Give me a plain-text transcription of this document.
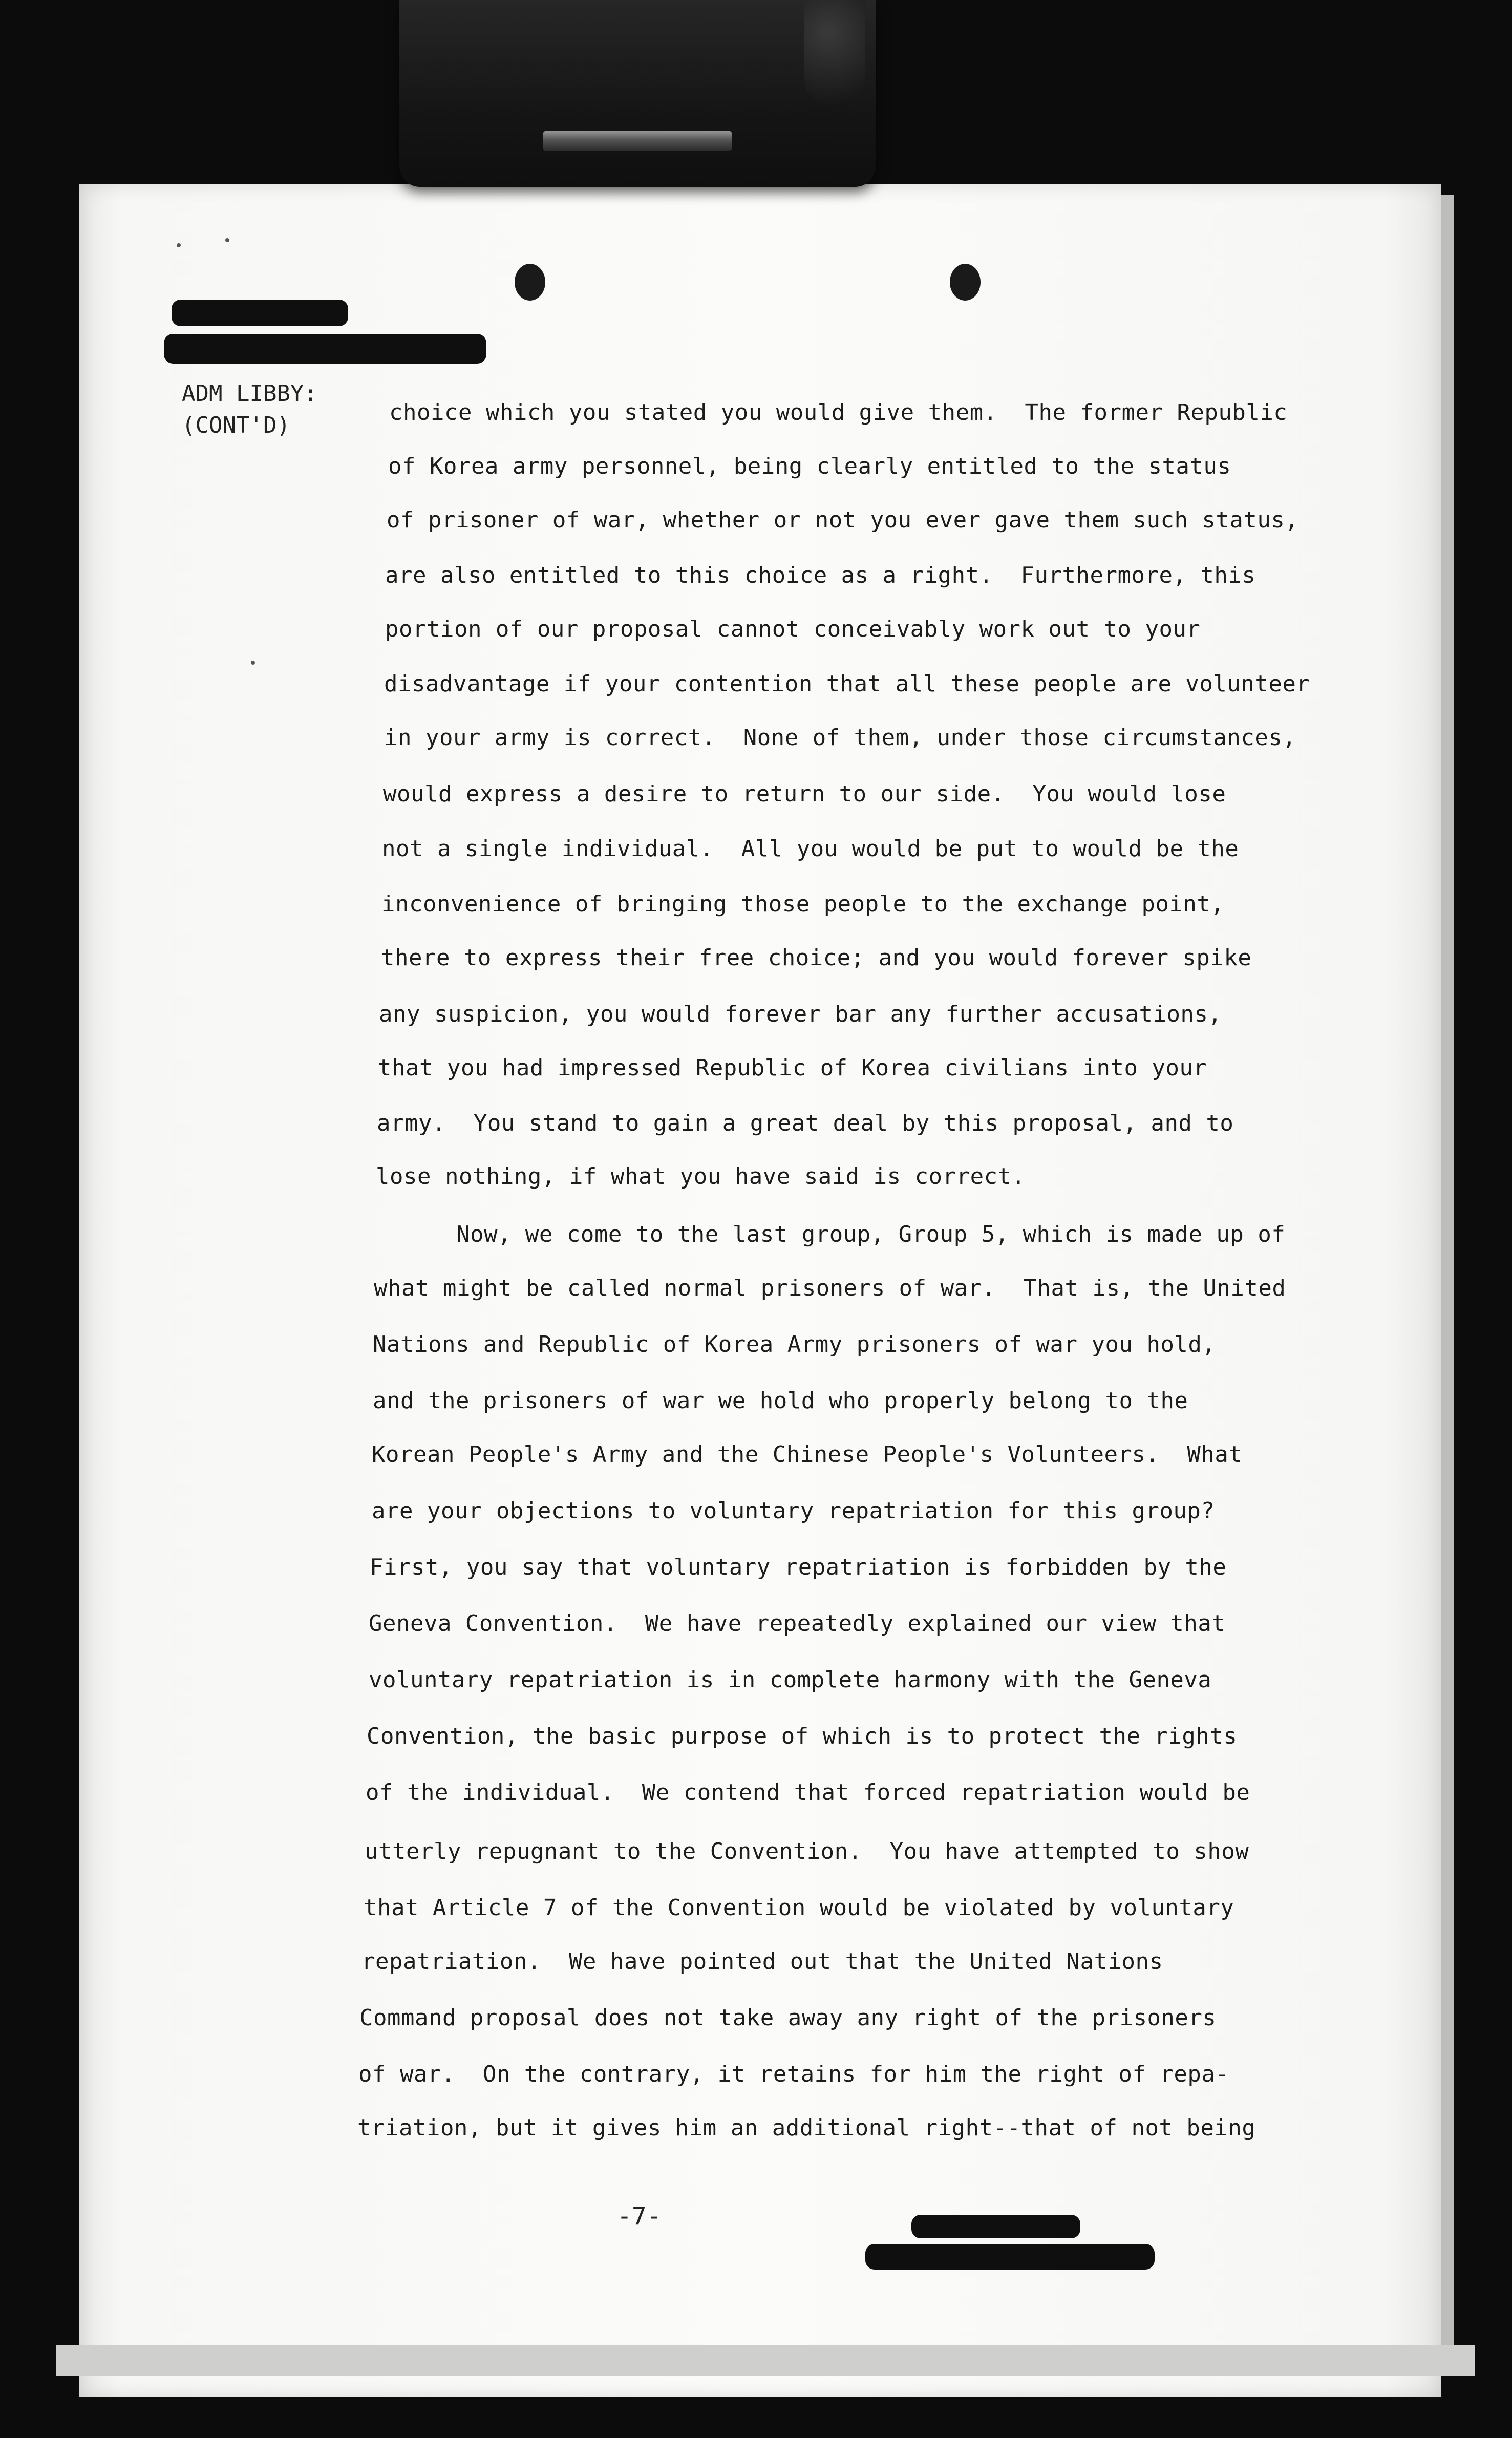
ADM LIBBY:
(CONT'D)	choice which you stated you would give them.  The former Republic
of Korea army personnel, being clearly entitled to the status
of prisoner of war, whether or not you ever gave them such status,
are also entitled to this choice as a right.  Furthermore, this
portion of our proposal cannot conceivably work out to your
disadvantage if your contention that all these people are volunteer
in your army is correct.  None of them, under those circumstances,
would express a desire to return to our side.  You would lose
not a single individual.  All you would be put to would be the
inconvenience of bringing those people to the exchange point,
there to express their free choice; and you would forever spike
any suspicion, you would forever bar any further accusations,
that you had impressed Republic of Korea civilians into your
army.  You stand to gain a great deal by this proposal, and to
lose nothing, if what you have said is correct.
Now, we come to the last group, Group 5, which is made up of
what might be called normal prisoners of war.  That is, the United
Nations and Republic of Korea Army prisoners of war you hold,
and the prisoners of war we hold who properly belong to the
Korean People's Army and the Chinese People's Volunteers.  What
are your objections to voluntary repatriation for this group?
First, you say that voluntary repatriation is forbidden by the
Geneva Convention.  We have repeatedly explained our view that
voluntary repatriation is in complete harmony with the Geneva
Convention, the basic purpose of which is to protect the rights
of the individual.  We contend that forced repatriation would be
utterly repugnant to the Convention.  You have attempted to show
that Article 7 of the Convention would be violated by voluntary
repatriation.  We have pointed out that the United Nations
Command proposal does not take away any right of the prisoners
of war.  On the contrary, it retains for him the right of repa-
triation, but it gives him an additional right--that of not being
-7-
